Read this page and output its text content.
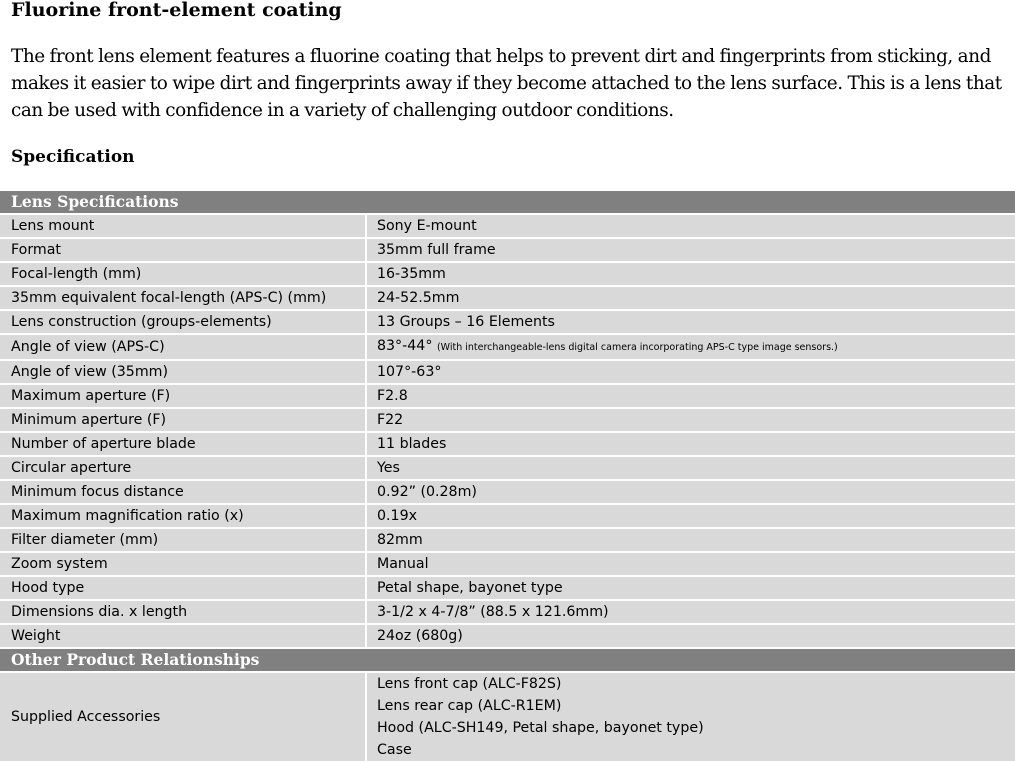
Fluorine front-element coating

The front lens element features a fluorine coating that helps to prevent dirt and fingerprints from sticking, and makes it easier to wipe dirt and fingerprints away if they become attached to the lens surface. This is a lens that can be used with confidence in a variety of challenging outdoor conditions.

Specification
Lens Specifications	
Lens mount	Sony E-mount
Format	35mm full frame
Focal-length (mm)	16-35mm
35mm equivalent focal-length (APS-C) (mm)	24-52.5mm
Lens construction (groups-elements)	13 Groups – 16 Elements
Angle of view (APS-C)	83°-44° (With interchangeable-lens digital camera incorporating APS-C type image sensors.)
Angle of view (35mm)	107°-63°
Maximum aperture (F)	F2.8
Minimum aperture (F)	F22
Number of aperture blade	11 blades
Circular aperture	Yes
Minimum focus distance	0.92” (0.28m)
Maximum magnification ratio (x)	0.19x
Filter diameter (mm)	82mm
Zoom system	Manual
Hood type	Petal shape, bayonet type
Dimensions dia. x length	3-1/2 x 4-7/8” (88.5 x 121.6mm)
Weight	24oz (680g)
Other Product Relationships	
Supplied Accessories	Lens front cap (ALC-F82S)
Lens rear cap (ALC-R1EM)
Hood (ALC-SH149, Petal shape, bayonet type)
Case
